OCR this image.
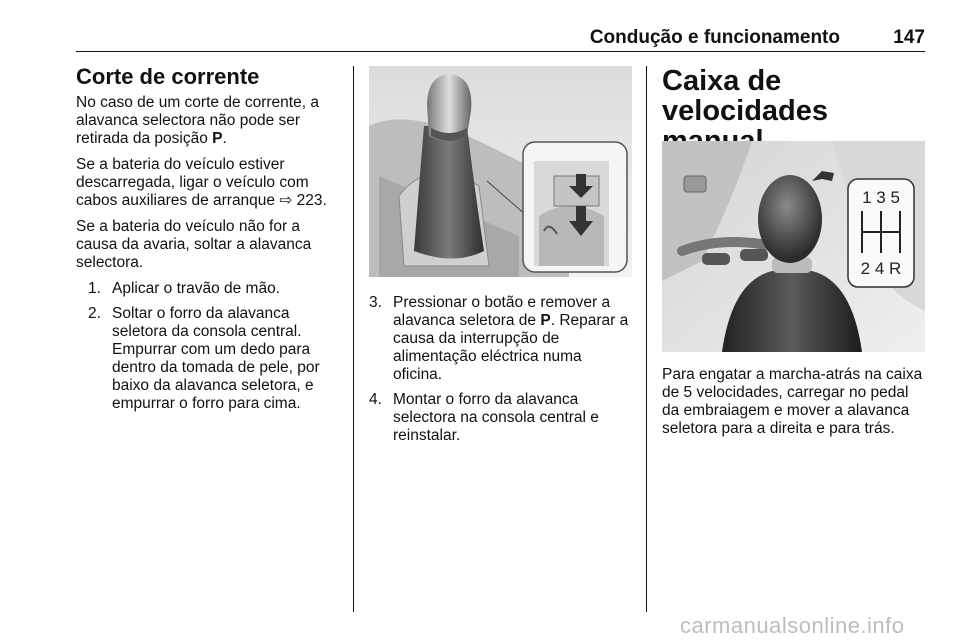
Condução e funcionamento	147
Corte de corrente

No caso de um corte de corrente, a alavanca selectora não pode ser retirada da posição P.

Se a bateria do veículo estiver descarregada, ligar o veículo com cabos auxiliares de arranque ⇨ 223.

Se a bateria do veículo não for a causa da avaria, soltar a alavanca selectora.

1. Aplicar o travão de mão.
2. Soltar o forro da alavanca seletora da consola central. Empurrar com um dedo para dentro da tomada de pele, por baixo da alavanca seletora, e empurrar o forro para cima.
3. Pressionar o botão e remover a alavanca seletora de P. Reparar a causa da interrupção de alimentação eléctrica numa oficina.
4. Montar o forro da alavanca selectora na consola central e reinstalar.
Caixa de velocidades
1 3 5
2 4 R

Para engatar a marcha-atrás na caixa de 5 velocidades, carregar no pedal da embraiagem e mover a alavanca seletora para a direita e para trás.

carmanualsonline.info
